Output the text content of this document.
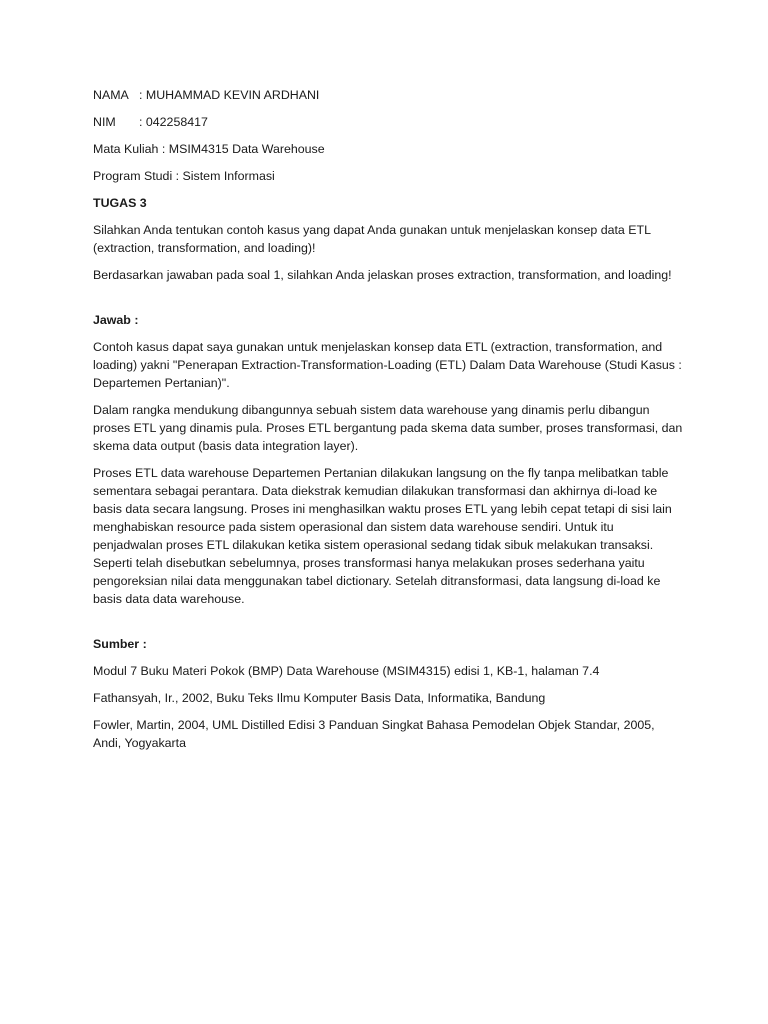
NAMA : MUHAMMAD KEVIN ARDHANI
NIM : 042258417
Mata Kuliah : MSIM4315 Data Warehouse
Program Studi : Sistem Informasi
TUGAS 3

Silahkan Anda tentukan contoh kasus yang dapat Anda gunakan untuk menjelaskan konsep data ETL (extraction, transformation, and loading)!

Berdasarkan jawaban pada soal 1, silahkan Anda jelaskan proses extraction, transformation, and loading!

Jawab :

Contoh kasus dapat saya gunakan untuk menjelaskan konsep data ETL (extraction, transformation, and loading) yakni "Penerapan Extraction-Transformation-Loading (ETL) Dalam Data Warehouse (Studi Kasus : Departemen Pertanian)".

Dalam rangka mendukung dibangunnya sebuah sistem data warehouse yang dinamis perlu dibangun proses ETL yang dinamis pula. Proses ETL bergantung pada skema data sumber, proses transformasi, dan skema data output (basis data integration layer).

Proses ETL data warehouse Departemen Pertanian dilakukan langsung on the fly tanpa melibatkan table sementara sebagai perantara. Data diekstrak kemudian dilakukan transformasi dan akhirnya di-load ke basis data secara langsung. Proses ini menghasilkan waktu proses ETL yang lebih cepat tetapi di sisi lain menghabiskan resource pada sistem operasional dan sistem data warehouse sendiri. Untuk itu penjadwalan proses ETL dilakukan ketika sistem operasional sedang tidak sibuk melakukan transaksi. Seperti telah disebutkan sebelumnya, proses transformasi hanya melakukan proses sederhana yaitu pengoreksian nilai data menggunakan tabel dictionary. Setelah ditransformasi, data langsung di-load ke basis data data warehouse.

Sumber :

Modul 7 Buku Materi Pokok (BMP) Data Warehouse (MSIM4315) edisi 1, KB-1, halaman 7.4

Fathansyah, Ir., 2002, Buku Teks Ilmu Komputer Basis Data, Informatika, Bandung

Fowler, Martin, 2004, UML Distilled Edisi 3 Panduan Singkat Bahasa Pemodelan Objek Standar, 2005, Andi, Yogyakarta
